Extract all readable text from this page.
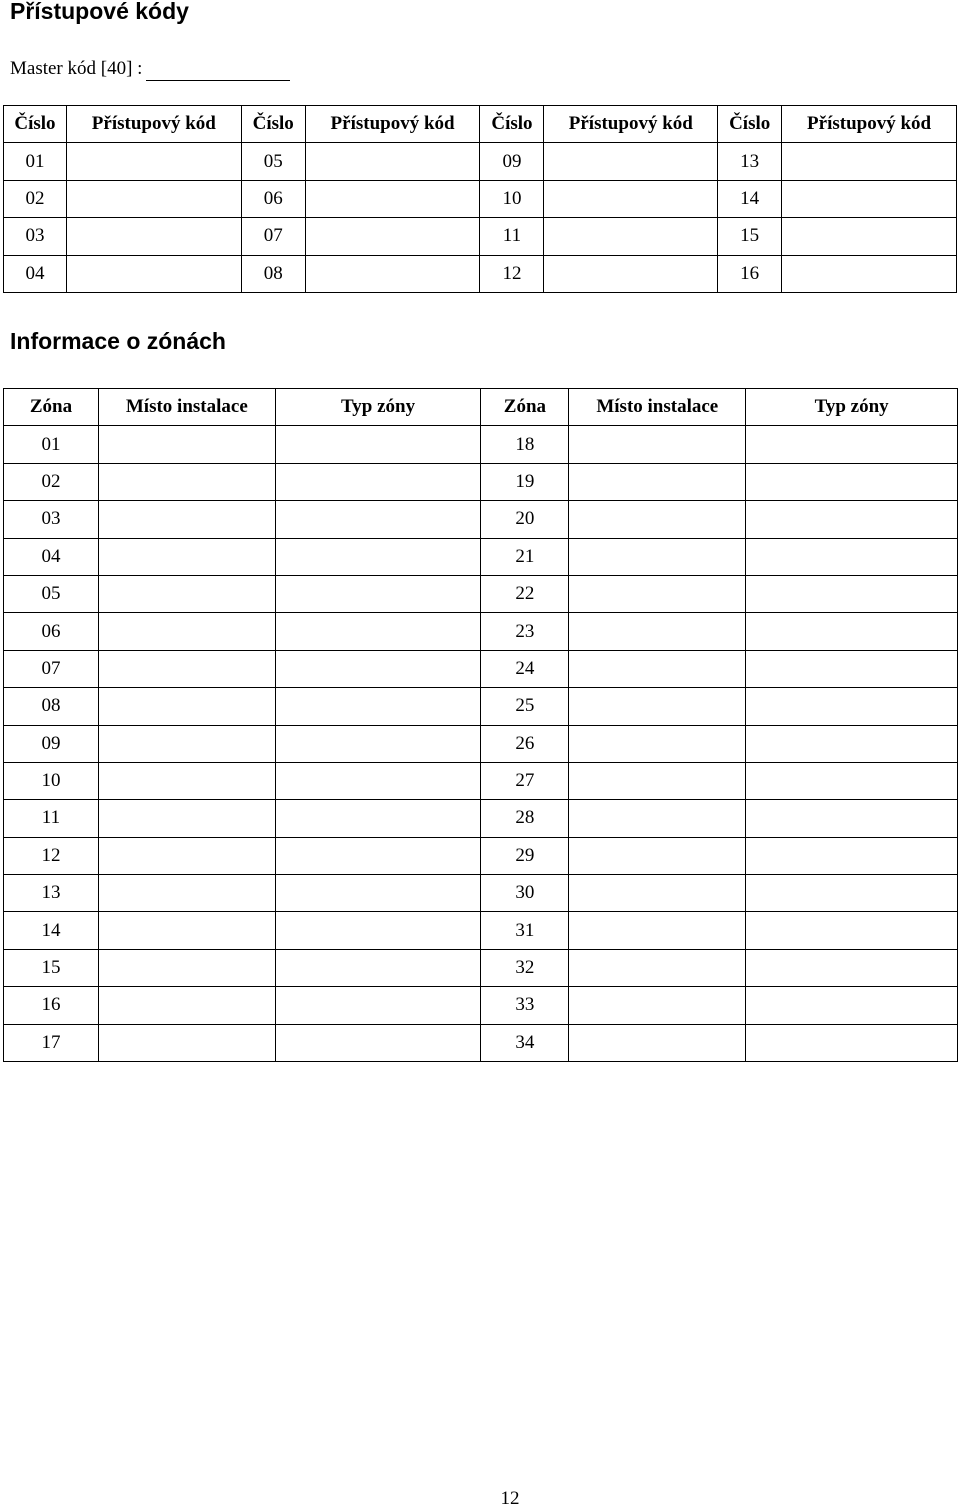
Přístupové kódy
Master kód [40] :
Číslo	Přístupový kód	Číslo	Přístupový kód	Číslo	Přístupový kód	Číslo	Přístupový kód
01		05		09		13	
02		06		10		14	
03		07		11		15	
04		08		12		16	
Informace o zónách
Zóna	Místo instalace	Typ zóny	Zóna	Místo instalace	Typ zóny
01			18		
02			19		
03			20		
04			21		
05			22		
06			23		
07			24		
08			25		
09			26		
10			27		
11			28		
12			29		
13			30		
14			31		
15			32		
16			33		
17			34		
12
